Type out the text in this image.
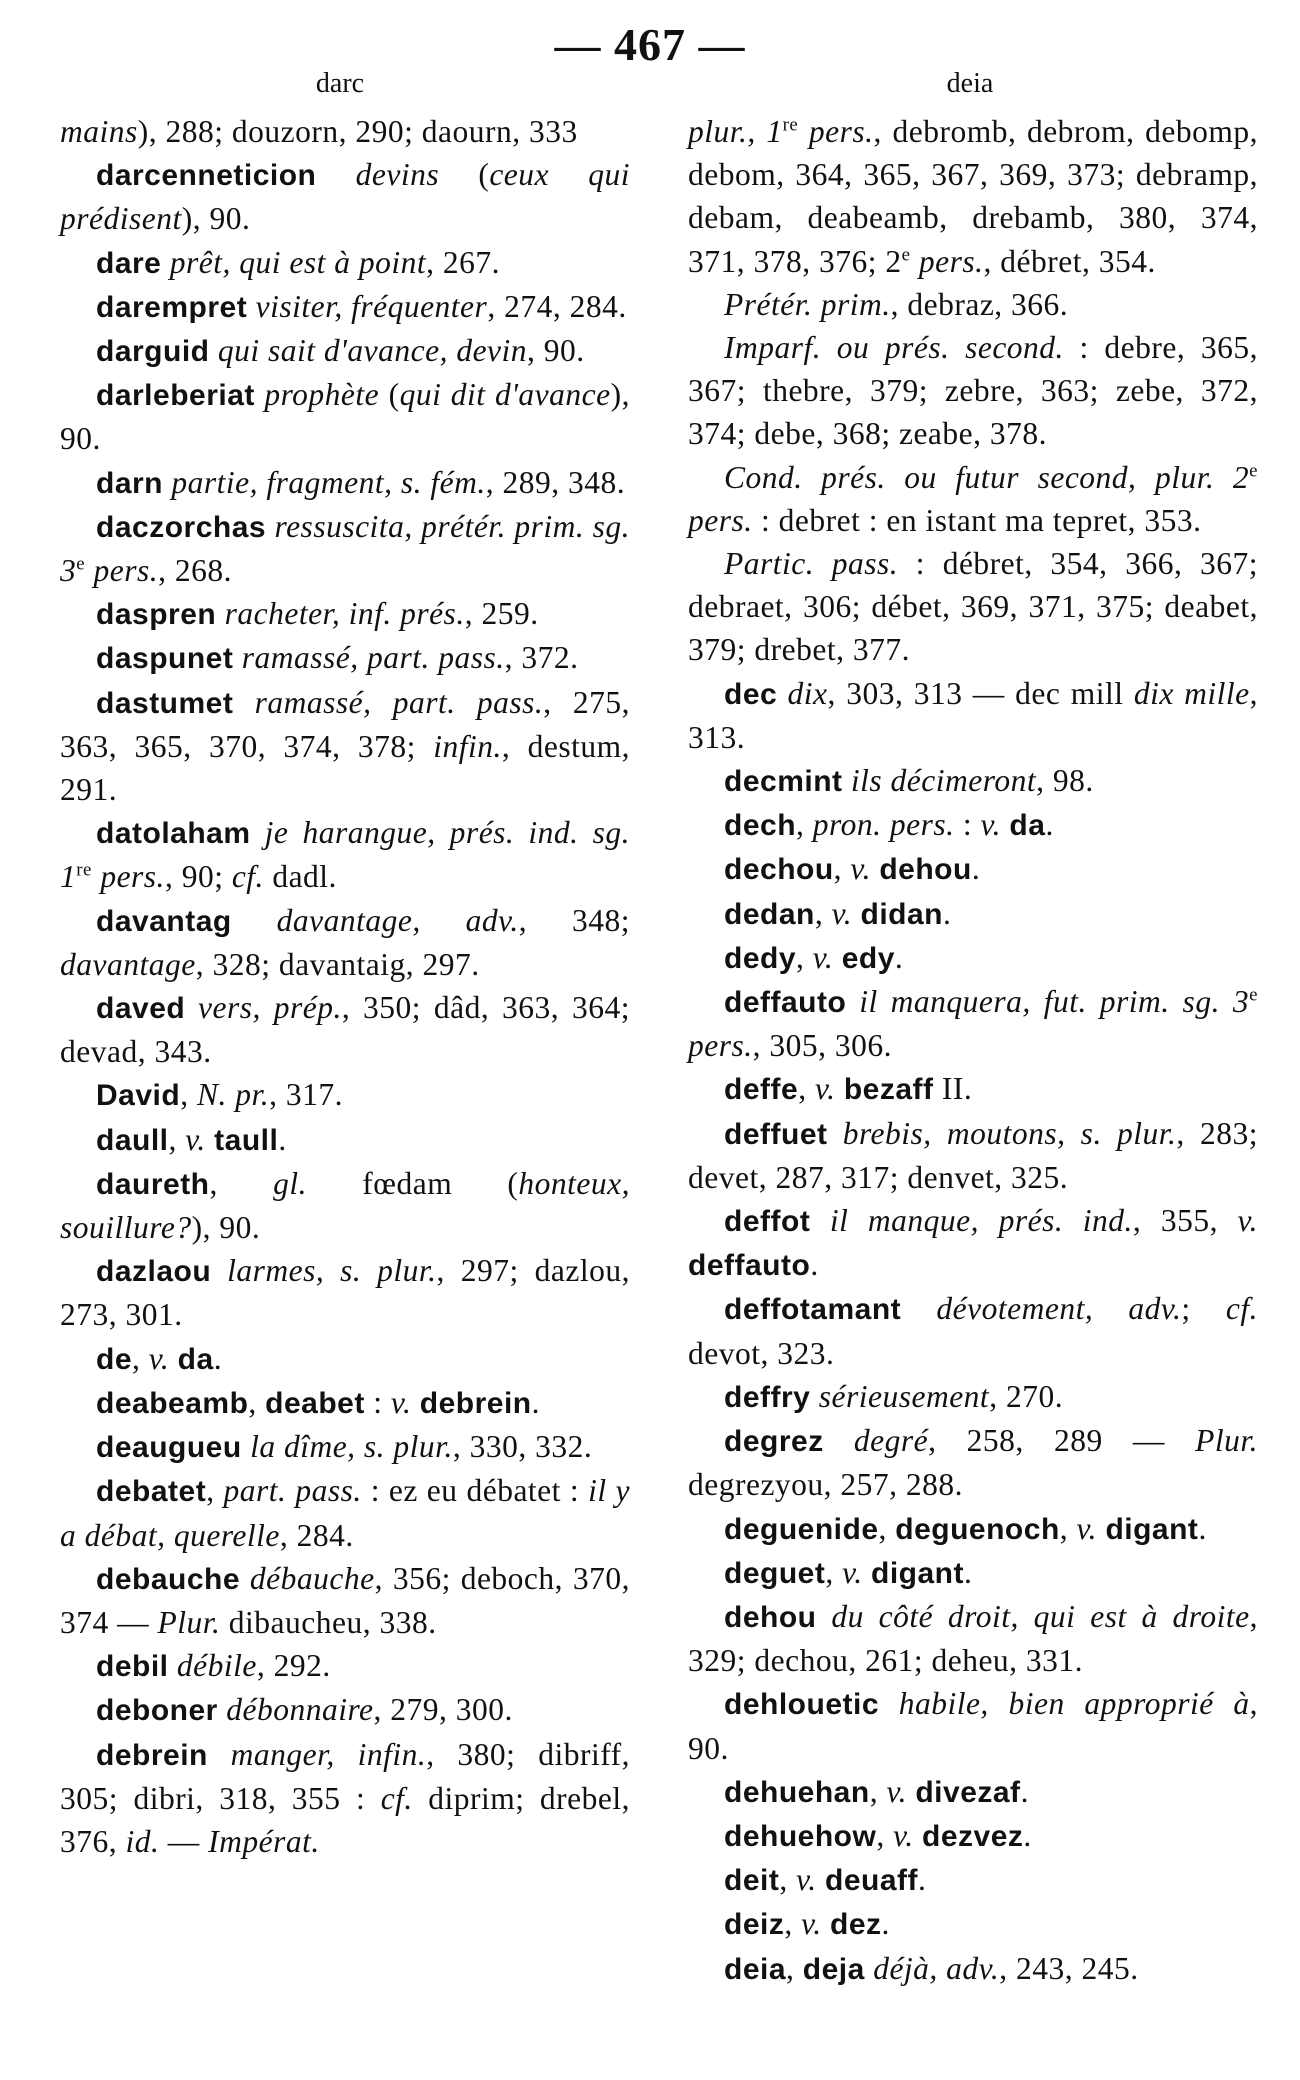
— 467 —
darc	deia

mains), 288; douzorn, 290; daourn, 333

darcenneticion devins (ceux qui prédisent), 90.

dare prêt, qui est à point, 267.

darempret visiter, fréquenter, 274, 284.

darguid qui sait d'avance, devin, 90.

darleberiat prophète (qui dit d'avance), 90.

darn partie, fragment, s. fém., 289, 348.

daczorchas ressuscita, prétér. prim. sg. 3e pers., 268.

daspren racheter, inf. prés., 259.

daspunet ramassé, part. pass., 372.

dastumet ramassé, part. pass., 275, 363, 365, 370, 374, 378; infin., destum, 291.

datolaham je harangue, prés. ind. sg. 1re pers., 90; cf. dadl.

davantag davantage, adv., 348; davantage, 328; davantaig, 297.

daved vers, prép., 350; dâd, 363, 364; devad, 343.

David, N. pr., 317.

daull, v. taull.

daureth, gl. fœdam (honteux, souillure?), 90.

dazlaou larmes, s. plur., 297; dazlou, 273, 301.

de, v. da.

deabeamb, deabet : v. debrein.

deaugueu la dîme, s. plur., 330, 332.

debatet, part. pass. : ez eu débatet : il y a débat, querelle, 284.

debauche débauche, 356; deboch, 370, 374 — Plur. dibaucheu, 338.

debil débile, 292.

deboner débonnaire, 279, 300.

debrein manger, infin., 380; dibriff, 305; dibri, 318, 355 : cf. diprim; drebel, 376, id. — Impérat.

plur., 1re pers., debromb, debrom, debomp, debom, 364, 365, 367, 369, 373; debramp, debam, deabeamb, drebamb, 380, 374, 371, 378, 376; 2e pers., débret, 354.

Prétér. prim., debraz, 366.

Imparf. ou prés. second. : debre, 365, 367; thebre, 379; zebre, 363; zebe, 372, 374; debe, 368; zeabe, 378.

Cond. prés. ou futur second, plur. 2e pers. : debret : en istant ma tepret, 353.

Partic. pass. : débret, 354, 366, 367; debraet, 306; débet, 369, 371, 375; deabet, 379; drebet, 377.

dec dix, 303, 313 — dec mill dix mille, 313.

decmint ils décimeront, 98.

dech, pron. pers. : v. da.

dechou, v. dehou.

dedan, v. didan.

dedy, v. edy.

deffauto il manquera, fut. prim. sg. 3e pers., 305, 306.

deffe, v. bezaff II.

deffuet brebis, moutons, s. plur., 283; devet, 287, 317; denvet, 325.

deffot il manque, prés. ind., 355, v. deffauto.

deffotamant dévotement, adv.; cf. devot, 323.

deffry sérieusement, 270.

degrez degré, 258, 289 — Plur. degrezyou, 257, 288.

deguenide, deguenoch, v. digant.

deguet, v. digant.

dehou du côté droit, qui est à droite, 329; dechou, 261; deheu, 331.

dehlouetic habile, bien approprié à, 90.

dehuehan, v. divezaf.

dehuehow, v. dezvez.

deit, v. deuaff.

deiz, v. dez.

deia, deja déjà, adv., 243, 245.
